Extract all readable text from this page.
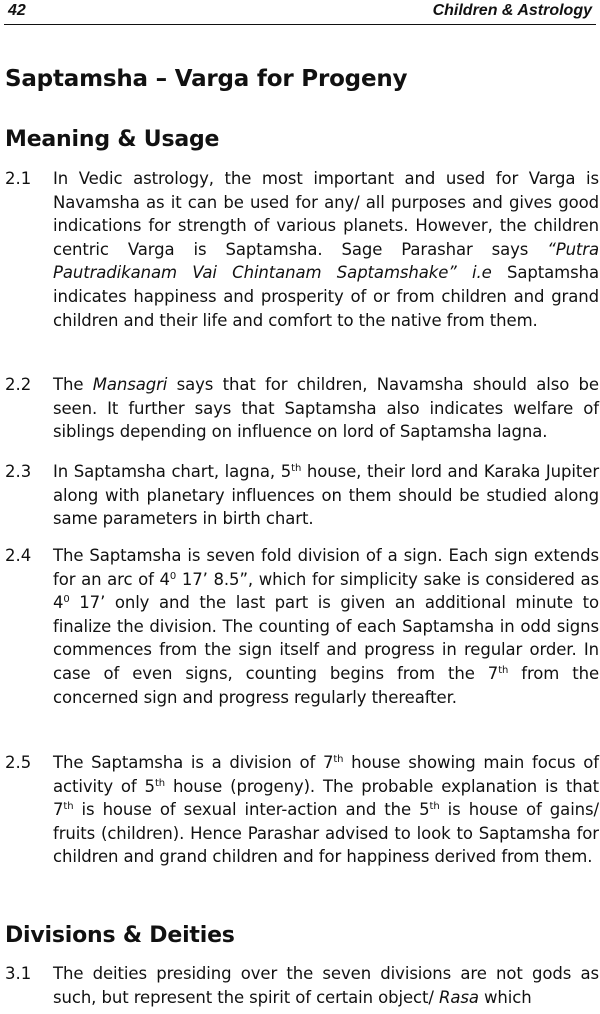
42	Children & Astrology
Saptamsha – Varga for Progeny
Meaning & Usage
2.1 In Vedic astrology, the most important and used for Varga is Navamsha as it can be used for any/ all purposes and gives good indications for strength of various planets. However, the children centric Varga is Saptamsha. Sage Parashar says “Putra Pautradikanam Vai Chintanam Saptamshake” i.e Saptamsha indicates happiness and prosperity of or from children and grand children and their life and comfort to the native from them.

2.2 The Mansagri says that for children, Navamsha should also be seen. It further says that Saptamsha also indicates welfare of siblings depending on influence on lord of Saptamsha lagna.

2.3 In Saptamsha chart, lagna, 5th house, their lord and Karaka Jupiter along with planetary influences on them should be studied along same parameters in birth chart.

2.4 The Saptamsha is seven fold division of a sign. Each sign extends for an arc of $4^0$ 17’ 8.5”, which for simplicity sake is considered as $4^0$ 17’ only and the last part is given an additional minute to finalize the division. The counting of each Saptamsha in odd signs commences from the sign itself and progress in regular order. In case of even signs, counting begins from the 7th from the concerned sign and progress regularly thereafter.

2.5 The Saptamsha is a division of 7th house showing main focus of activity of 5th house (progeny). The probable explanation is that 7th is house of sexual inter-action and the 5th is house of gains/ fruits (children). Hence Parashar advised to look to Saptamsha for children and grand children and for happiness derived from them.

Divisions & Deities
3.1 The deities presiding over the seven divisions are not gods as such, but represent the spirit of certain object/ Rasa which
